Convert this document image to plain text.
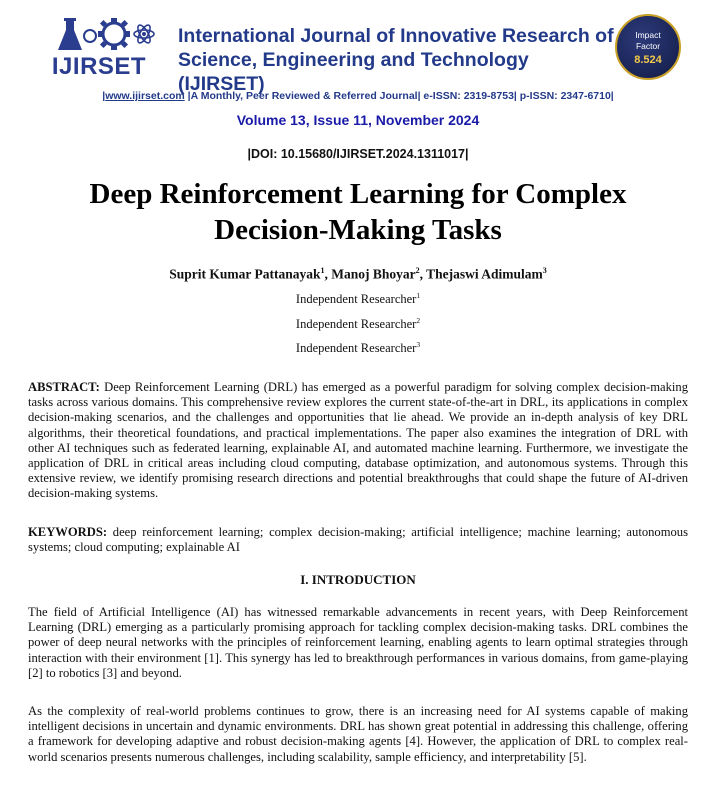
IJIRSET
International Journal of Innovative Research of
Science, Engineering and Technology (IJIRSET)
Impact
Factor
8.524
|www.ijirset.com |A Monthly, Peer Reviewed & Referred Journal| e-ISSN: 2319-8753| p-ISSN: 2347-6710|
Volume 13, Issue 11, November 2024
|DOI: 10.15680/IJIRSET.2024.1311017|
Deep Reinforcement Learning for Complex
Decision-Making Tasks
Suprit Kumar Pattanayak$^1$, Manoj Bhoyar$^2$, Thejaswi Adimulam$^3$
Independent Researcher$^1$
Independent Researcher$^2$
Independent Researcher$^3$

ABSTRACT: Deep Reinforcement Learning (DRL) has emerged as a powerful paradigm for solving complex decision-making tasks across various domains. This comprehensive review explores the current state-of-the-art in DRL, its applications in complex decision-making scenarios, and the challenges and opportunities that lie ahead. We provide an in-depth analysis of key DRL algorithms, their theoretical foundations, and practical implementations. The paper also examines the integration of DRL with other AI techniques such as federated learning, explainable AI, and automated machine learning. Furthermore, we investigate the application of DRL in critical areas including cloud computing, database optimization, and autonomous systems. Through this extensive review, we identify promising research directions and potential breakthroughs that could shape the future of AI-driven decision-making systems.

KEYWORDS: deep reinforcement learning; complex decision-making; artificial intelligence; machine learning; autonomous systems; cloud computing; explainable AI

I. INTRODUCTION

The field of Artificial Intelligence (AI) has witnessed remarkable advancements in recent years, with Deep Reinforcement Learning (DRL) emerging as a particularly promising approach for tackling complex decision-making tasks. DRL combines the power of deep neural networks with the principles of reinforcement learning, enabling agents to learn optimal strategies through interaction with their environment [1]. This synergy has led to breakthrough performances in various domains, from game-playing [2] to robotics [3] and beyond.

As the complexity of real-world problems continues to grow, there is an increasing need for AI systems capable of making intelligent decisions in uncertain and dynamic environments. DRL has shown great potential in addressing this challenge, offering a framework for developing adaptive and robust decision-making agents [4]. However, the application of DRL to complex real-world scenarios presents numerous challenges, including scalability, sample efficiency, and interpretability [5].
